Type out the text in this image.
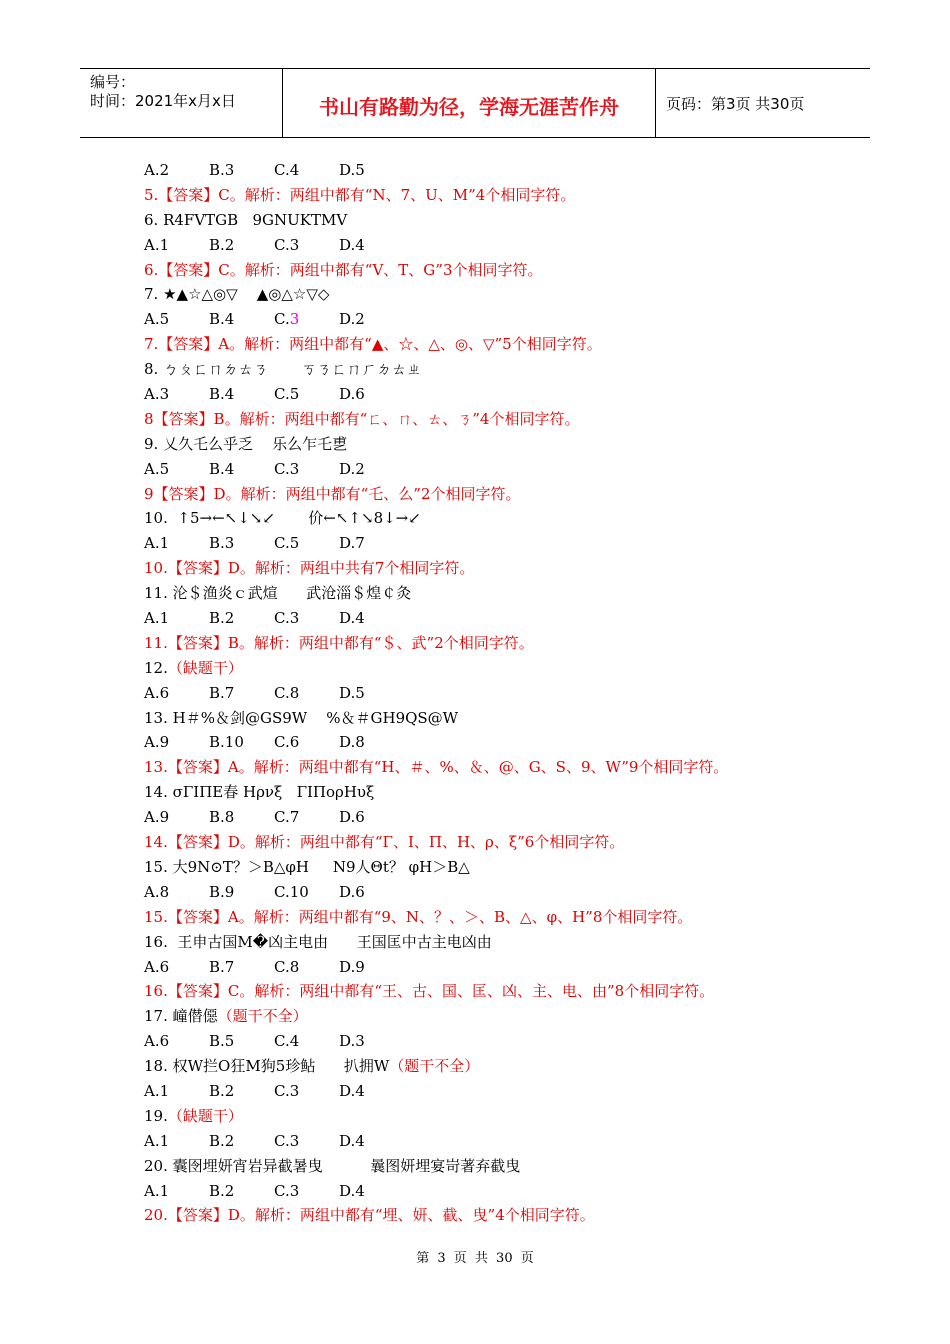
编号：
时间：2021年x月x日	书山有路勤为径，学海无涯苦作舟	页码：第3页 共30页
A.2	B.3	C.4	D.5
5.【答案】C。解析：两组中都有“N、7、U、M”4个相同字符。
6. R4FVTGB   9GNUKTMV
A.1	B.2	C.3	D.4
6.【答案】C。解析：两组中都有“V、T、G”3个相同字符。
7. ★▲☆△◎▽    ▲◎△☆▽◇
A.5	B.4	C.3	D.2
7.【答案】A。解析：两组中都有“▲、☆、△、◎、▽”5个相同字符。
8. ㄅㄆㄈㄇㄉㄊㄋ       ㄎㄋㄈㄇㄏㄉㄊㄓ
A.3	B.4	C.5	D.6
8【答案】B。解析：两组中都有“ㄈ、ㄇ、ㄊ、ㄋ”4个相同字符。
9. 乂久乇么乎乏    乐么乍乇乶
A.5	B.4	C.3	D.2
9【答案】D。解析：两组中都有“乇、么”2个相同字符。
10.  ↑5→←↖↓↘↙       价←↖↑↘8↓→↙
A.1	B.3	C.5	D.7
10.【答案】D。解析：两组中共有7个相同字符。
11. 沦＄渔炎ｃ武煊      武沧淄＄煌￠灸
A.1	B.2	C.3	D.4
11.【答案】B。解析：两组中都有“＄、武”2个相同字符。
12.（缺题干）
A.6	B.7	C.8	D.5
13. H＃%＆剑@GS9W    %＆＃GH9QS@W
A.9	B.10 C.6	D.8
13.【答案】A。解析：两组中都有“H、＃、%、＆、@、G、S、9、W”9个相同字符。
14. σΓΙΠΕ春 Ηρνξ   ΓΙΠορΗυξ
A.9	B.8	C.7	D.6
14.【答案】D。解析：两组中都有“Γ、Ι、Π、Η、ρ、ξ”6个相同字符。
15. 大9N⊙T？＞B△φH     N9人Θt？ φΗ＞B△
A.8	B.9	C.10 D.6
15.【答案】A。解析：两组中都有“9、N、？、＞、B、△、φ、H”8个相同字符。
16.  王申古国M�凶主电由      王国匡中古主电凶由
A.6	B.7	C.8	D.9
16.【答案】C。解析：两组中都有“王、古、国、匡、凶、主、电、由”8个相同字符。
17. 㠉僣僫（题干不全）
A.6	B.5	C.4	D.3
18. 权W拦O狂M狗5珍鲇      扒拥W（题干不全）
A.1	B.2	C.3	D.4
19.（缺题干）
A.1	B.2	C.3	D.4
20. 囊囹埋妍宵岩异截暑曳          曩图妍埋宴岢著弃截曳
A.1	B.2	C.3	D.4
20.【答案】D。解析：两组中都有“埋、妍、截、曳”4个相同字符。
第 3 页 共 30 页
